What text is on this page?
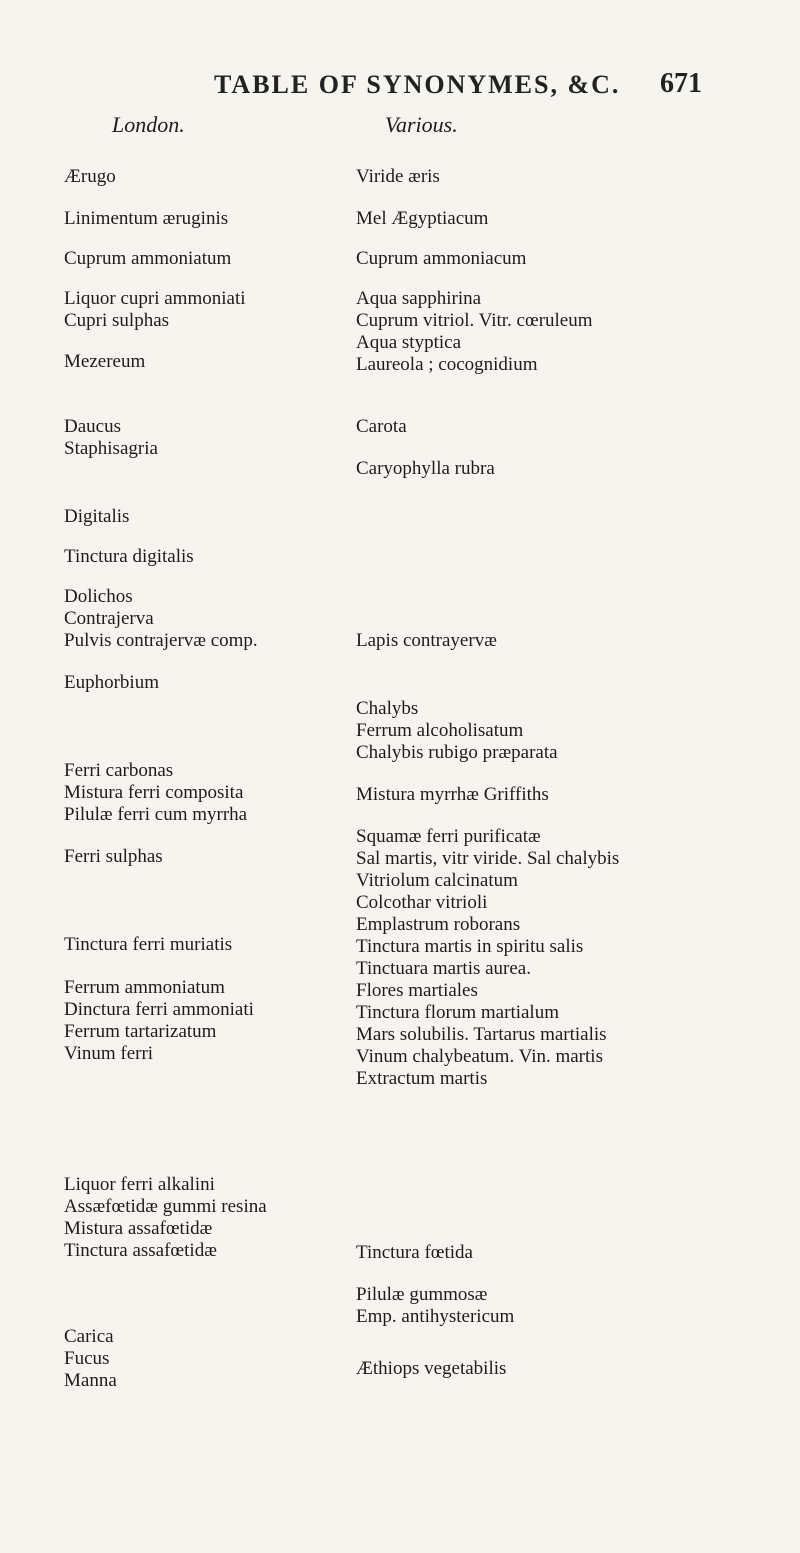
TABLE OF SYNONYMES, &C. 671
London.	Various.
Ærugo
Linimentum æruginis
Cuprum ammoniatum
Liquor cupri ammoniati
Cupri sulphas
Mezereum
Daucus
Staphisagria
Digitalis
Tinctura digitalis
Dolichos
Contrajerva
Pulvis contrajervæ comp.
Euphorbium
Ferri carbonas
Mistura ferri composita
Pilulæ ferri cum myrrha
Ferri sulphas
Tinctura ferri muriatis
Ferrum ammoniatum
Dinctura ferri ammoniati
Ferrum tartarizatum
Vinum ferri
Liquor ferri alkalini
Assæfœtidæ gummi resina
Mistura assafœtidæ
Tinctura assafœtidæ
Carica
Fucus
Manna
Viride æris
Mel Ægyptiacum
Cuprum ammoniacum
Aqua sapphirina
Cuprum vitriol. Vitr. cœruleum
Aqua styptica
Laureola ; cocognidium
Carota
Caryophylla rubra
Lapis contrayervæ
Chalybs
Ferrum alcoholisatum
Chalybis rubigo præparata
Mistura myrrhæ Griffiths
Squamæ ferri purificatæ
Sal martis, vitr viride. Sal chalybis
Vitriolum calcinatum
Colcothar vitrioli
Emplastrum roborans
Tinctura martis in spiritu salis
Tinctuara martis aurea.
Flores martiales
Tinctura florum martialum
Mars solubilis. Tartarus martialis
Vinum chalybeatum. Vin. martis
Extractum martis
Tinctura fœtida
Pilulæ gummosæ
Emp. antihystericum
Æthiops vegetabilis
